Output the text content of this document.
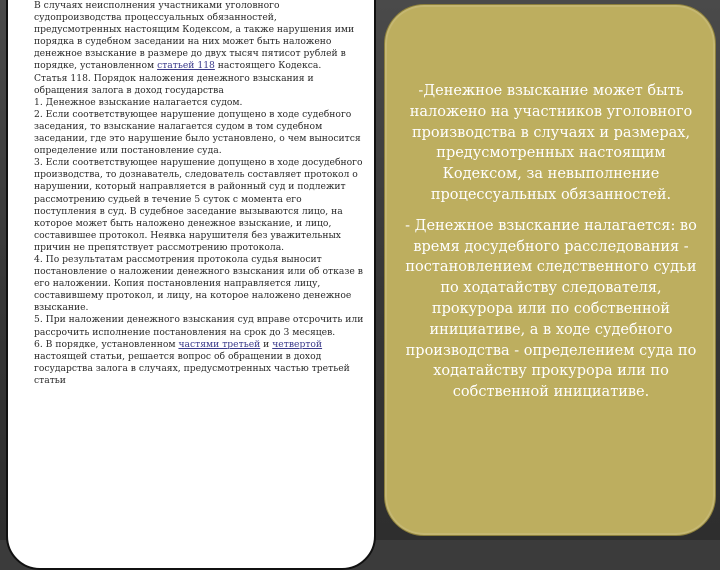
В случаях неисполнения участниками уголовного судопроизводства процессуальных обязанностей, предусмотренных настоящим Кодексом, а также нарушения ими порядка в судебном заседании на них может быть наложено денежное взыскание в размере до двух тысяч пятисот рублей в порядке, установленном статьей 118 настоящего Кодекса.

Статья 118. Порядок наложения денежного взыскания и обращения залога в доход государства

1. Денежное взыскание налагается судом.

2. Если соответствующее нарушение допущено в ходе судебного заседания, то взыскание налагается судом в том судебном заседании, где это нарушение было установлено, о чем выносится определение или постановление суда.

3. Если соответствующее нарушение допущено в ходе досудебного производства, то дознаватель, следователь составляет протокол о нарушении, который направляется в районный суд и подлежит рассмотрению судьей в течение 5 суток с момента его поступления в суд. В судебное заседание вызываются лицо, на которое может быть наложено денежное взыскание, и лицо, составившее протокол. Неявка нарушителя без уважительных причин не препятствует рассмотрению протокола.

4. По результатам рассмотрения протокола судья выносит постановление о наложении денежного взыскания или об отказе в его наложении. Копия постановления направляется лицу, составившему протокол, и лицу, на которое наложено денежное взыскание.

5. При наложении денежного взыскания суд вправе отсрочить или рассрочить исполнение постановления на срок до 3 месяцев.

6. В порядке, установленном частями третьей и четвертой настоящей статьи, решается вопрос об обращении в доход государства залога в случаях, предусмотренных частью третьей статьи

-Денежное взыскание может быть наложено на участников уголовного производства в случаях и размерах, предусмотренных настоящим Кодексом, за невыполнение процессуальных обязанностей.

- Денежное взыскание налагается: во время досудебного расследования - постановлением следственного судьи по ходатайству следователя, прокурора или по собственной инициативе, а в ходе судебного производства - определением суда по ходатайству прокурора или по собственной инициативе.
